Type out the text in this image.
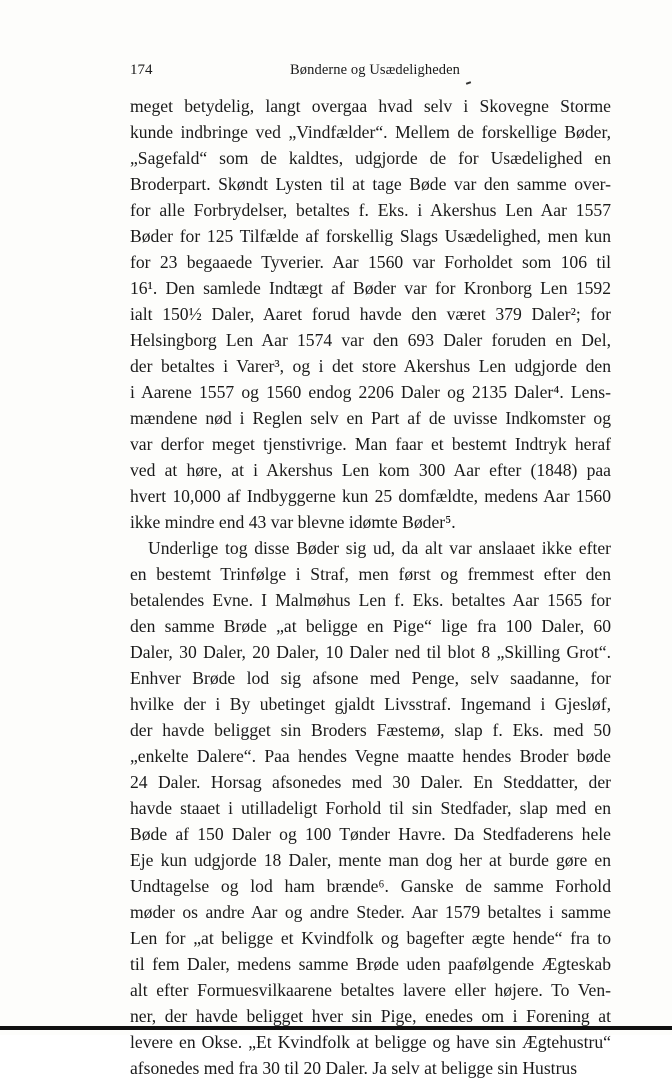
174	Bønderne og Usædeligheden
meget betydelig, langt overgaa hvad selv i Skovegne Storme
kunde indbringe ved „Vindfælder“. Mellem de forskellige Bøder,
„Sagefald“ som de kaldtes, udgjorde de for Usædelighed en
Broderpart. Skøndt Lysten til at tage Bøde var den samme over-
for alle Forbrydelser, betaltes f. Eks. i Akershus Len Aar 1557
Bøder for 125 Tilfælde af forskellig Slags Usædelighed, men kun
for 23 begaaede Tyverier. Aar 1560 var Forholdet som 106 til
16¹. Den samlede Indtægt af Bøder var for Kronborg Len 1592
ialt 150½ Daler, Aaret forud havde den været 379 Daler²; for
Helsingborg Len Aar 1574 var den 693 Daler foruden en Del,
der betaltes i Varer³, og i det store Akershus Len udgjorde den
i Aarene 1557 og 1560 endog 2206 Daler og 2135 Daler⁴. Lens-
mændene nød i Reglen selv en Part af de uvisse Indkomster og
var derfor meget tjenstivrige. Man faar et bestemt Indtryk heraf
ved at høre, at i Akershus Len kom 300 Aar efter (1848) paa
hvert 10,000 af Indbyggerne kun 25 domfældte, medens Aar 1560
ikke mindre end 43 var blevne idømte Bøder⁵.
Underlige tog disse Bøder sig ud, da alt var anslaaet ikke efter
en bestemt Trinfølge i Straf, men først og fremmest efter den
betalendes Evne. I Malmøhus Len f. Eks. betaltes Aar 1565 for
den samme Brøde „at beligge en Pige“ lige fra 100 Daler, 60
Daler, 30 Daler, 20 Daler, 10 Daler ned til blot 8 „Skilling Grot“.
Enhver Brøde lod sig afsone med Penge, selv saadanne, for
hvilke der i By ubetinget gjaldt Livsstraf. Ingemand i Gjesløf,
der havde beligget sin Broders Fæstemø, slap f. Eks. med 50
„enkelte Dalere“. Paa hendes Vegne maatte hendes Broder bøde
24 Daler. Horsag afsonedes med 30 Daler. En Steddatter, der
havde staaet i utilladeligt Forhold til sin Stedfader, slap med en
Bøde af 150 Daler og 100 Tønder Havre. Da Stedfaderens hele
Eje kun udgjorde 18 Daler, mente man dog her at burde gøre en
Undtagelse og lod ham brænde⁶. Ganske de samme Forhold
møder os andre Aar og andre Steder. Aar 1579 betaltes i samme
Len for „at beligge et Kvindfolk og bagefter ægte hende“ fra to
til fem Daler, medens samme Brøde uden paafølgende Ægteskab
alt efter Formuesvilkaarene betaltes lavere eller højere. To Ven-
ner, der havde beligget hver sin Pige, enedes om i Forening at
levere en Okse. „Et Kvindfolk at beligge og have sin Ægtehustru“
afsonedes med fra 30 til 20 Daler. Ja selv at beligge sin Hustrus
